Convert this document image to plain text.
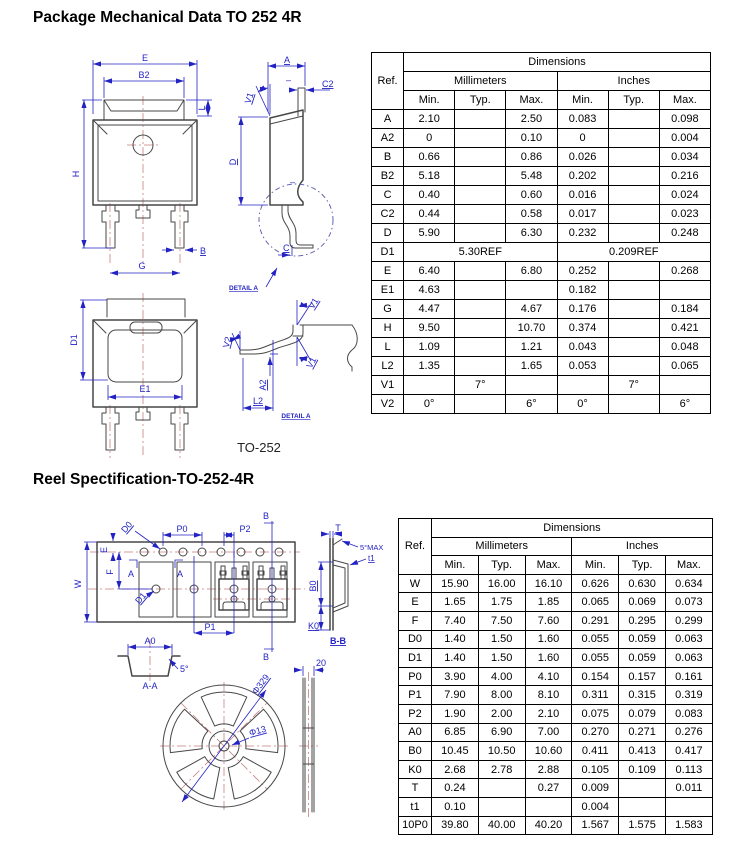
Package Mechanical Data TO 252 4R
Reel Spectification-TO-252-4R
E
B2
L
H
B
G
A
C2
–
V1
D
C
–
DETAIL A
D1
E1
V1
V1
V2
A2
L2
DETAIL A
TO-252
B
B
W
E
F
D0	P0	P2
A	A
D1
P1
A0
5°
A-A	Φ329
Φ13
20
T
5°MAX
t1
B0
K0
B-B
Ref.	Dimensions					
	Millimeters			Inches		
	Min.	Typ.	Max.	Min.	Typ.	Max.
A	2.10		2.50	0.083		0.098
A2	0		0.10	0		0.004
B	0.66		0.86	0.026		0.034
B2	5.18		5.48	0.202		0.216
C	0.40		0.60	0.016		0.024
C2	0.44		0.58	0.017		0.023
D	5.90		6.30	0.232		0.248
D1	5.30REF			0.209REF		
E	6.40		6.80	0.252		0.268
E1	4.63			0.182		
G	4.47		4.67	0.176		0.184
H	9.50		10.70	0.374		0.421
L	1.09		1.21	0.043		0.048
L2	1.35		1.65	0.053		0.065
V1		7°			7°	
V2	0°		6°	0°		6°
Ref.	Dimensions					
	Millimeters			Inches		
	Min.	Typ.	Max.	Min.	Typ.	Max.
W	15.90	16.00	16.10	0.626	0.630	0.634
E	1.65	1.75	1.85	0.065	0.069	0.073
F	7.40	7.50	7.60	0.291	0.295	0.299
D0	1.40	1.50	1.60	0.055	0.059	0.063
D1	1.40	1.50	1.60	0.055	0.059	0.063
P0	3.90	4.00	4.10	0.154	0.157	0.161
P1	7.90	8.00	8.10	0.311	0.315	0.319
P2	1.90	2.00	2.10	0.075	0.079	0.083
A0	6.85	6.90	7.00	0.270	0.271	0.276
B0	10.45	10.50	10.60	0.411	0.413	0.417
K0	2.68	2.78	2.88	0.105	0.109	0.113
T	0.24		0.27	0.009		0.011
t1	0.10			0.004		
10P0	39.80	40.00	40.20	1.567	1.575	1.583
